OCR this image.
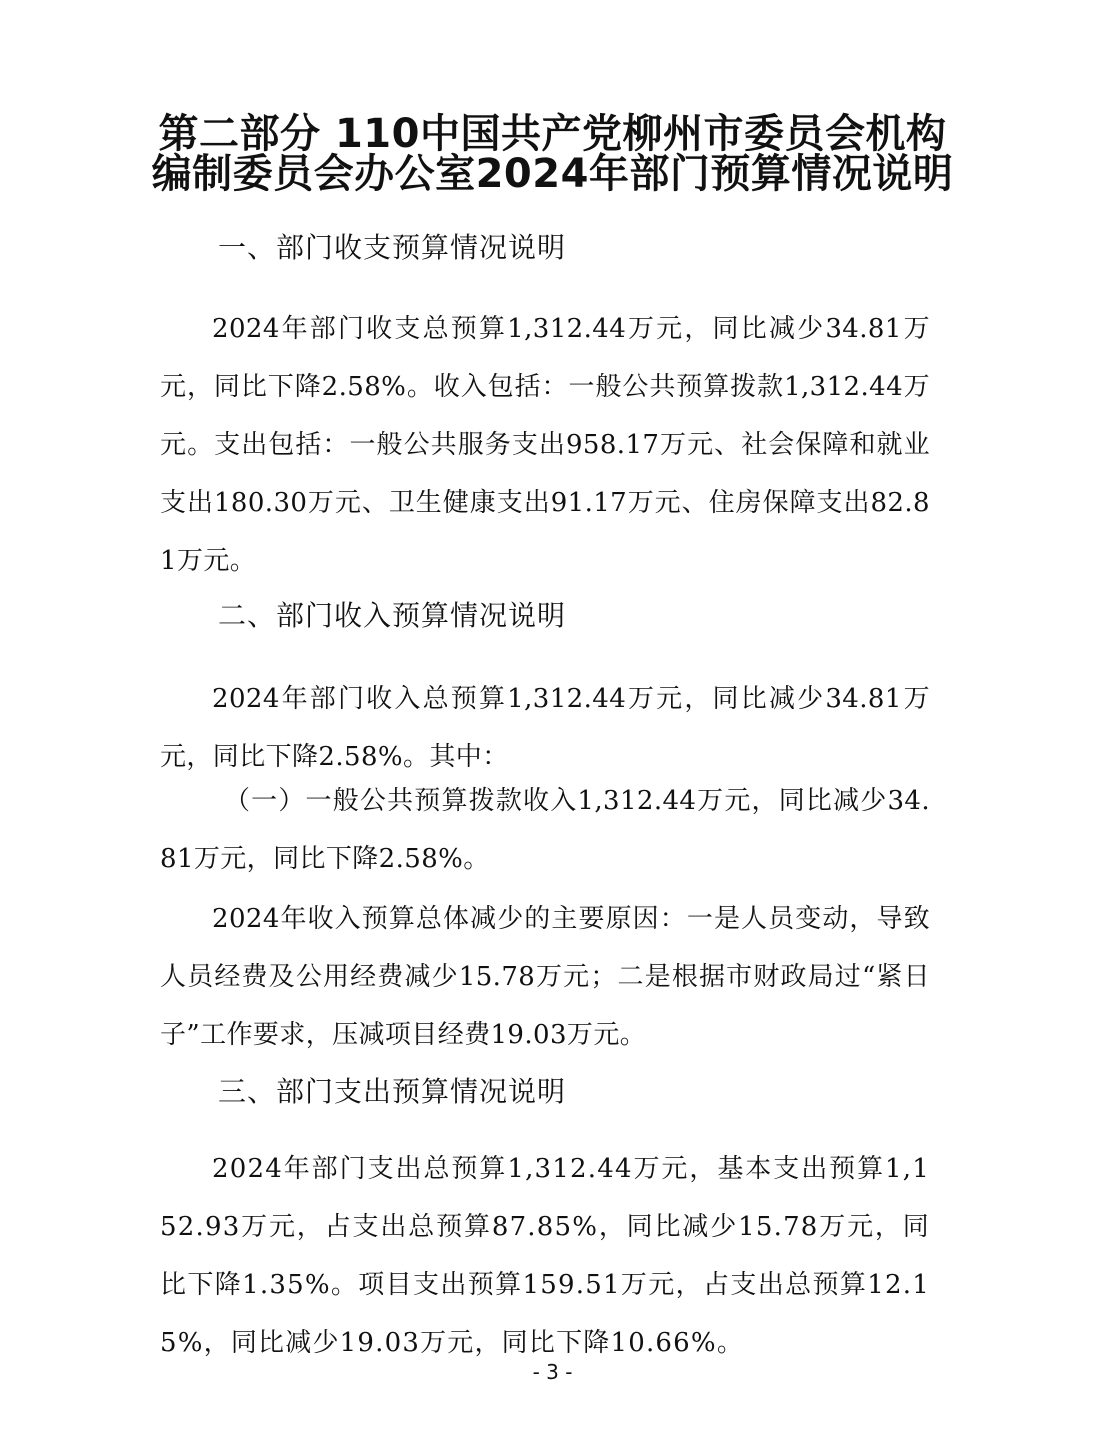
第二部分 110中国共产党柳州市委员会机构
编制委员会办公室2024年部门预算情况说明
一、部门收支预算情况说明
2024年部门收支总预算1,312.44万元，同比减少34.81万元，同比下降2.58%。收入包括：一般公共预算拨款1,312.44万元。支出包括：一般公共服务支出958.17万元、社会保障和就业支出180.30万元、卫生健康支出91.17万元、住房保障支出82.81万元。
二、部门收入预算情况说明
2024年部门收入总预算1,312.44万元，同比减少34.81万元，同比下降2.58%。其中：
（一）一般公共预算拨款收入1,312.44万元，同比减少34.81万元，同比下降2.58%。
2024年收入预算总体减少的主要原因：一是人员变动，导致人员经费及公用经费减少15.78万元；二是根据市财政局过“紧日子”工作要求，压减项目经费19.03万元。
三、部门支出预算情况说明
2024年部门支出总预算1,312.44万元，基本支出预算1,152.93万元，占支出总预算87.85%，同比减少15.78万元，同比下降1.35%。项目支出预算159.51万元，占支出总预算12.15%，同比减少19.03万元，同比下降10.66%。
- 3 -
